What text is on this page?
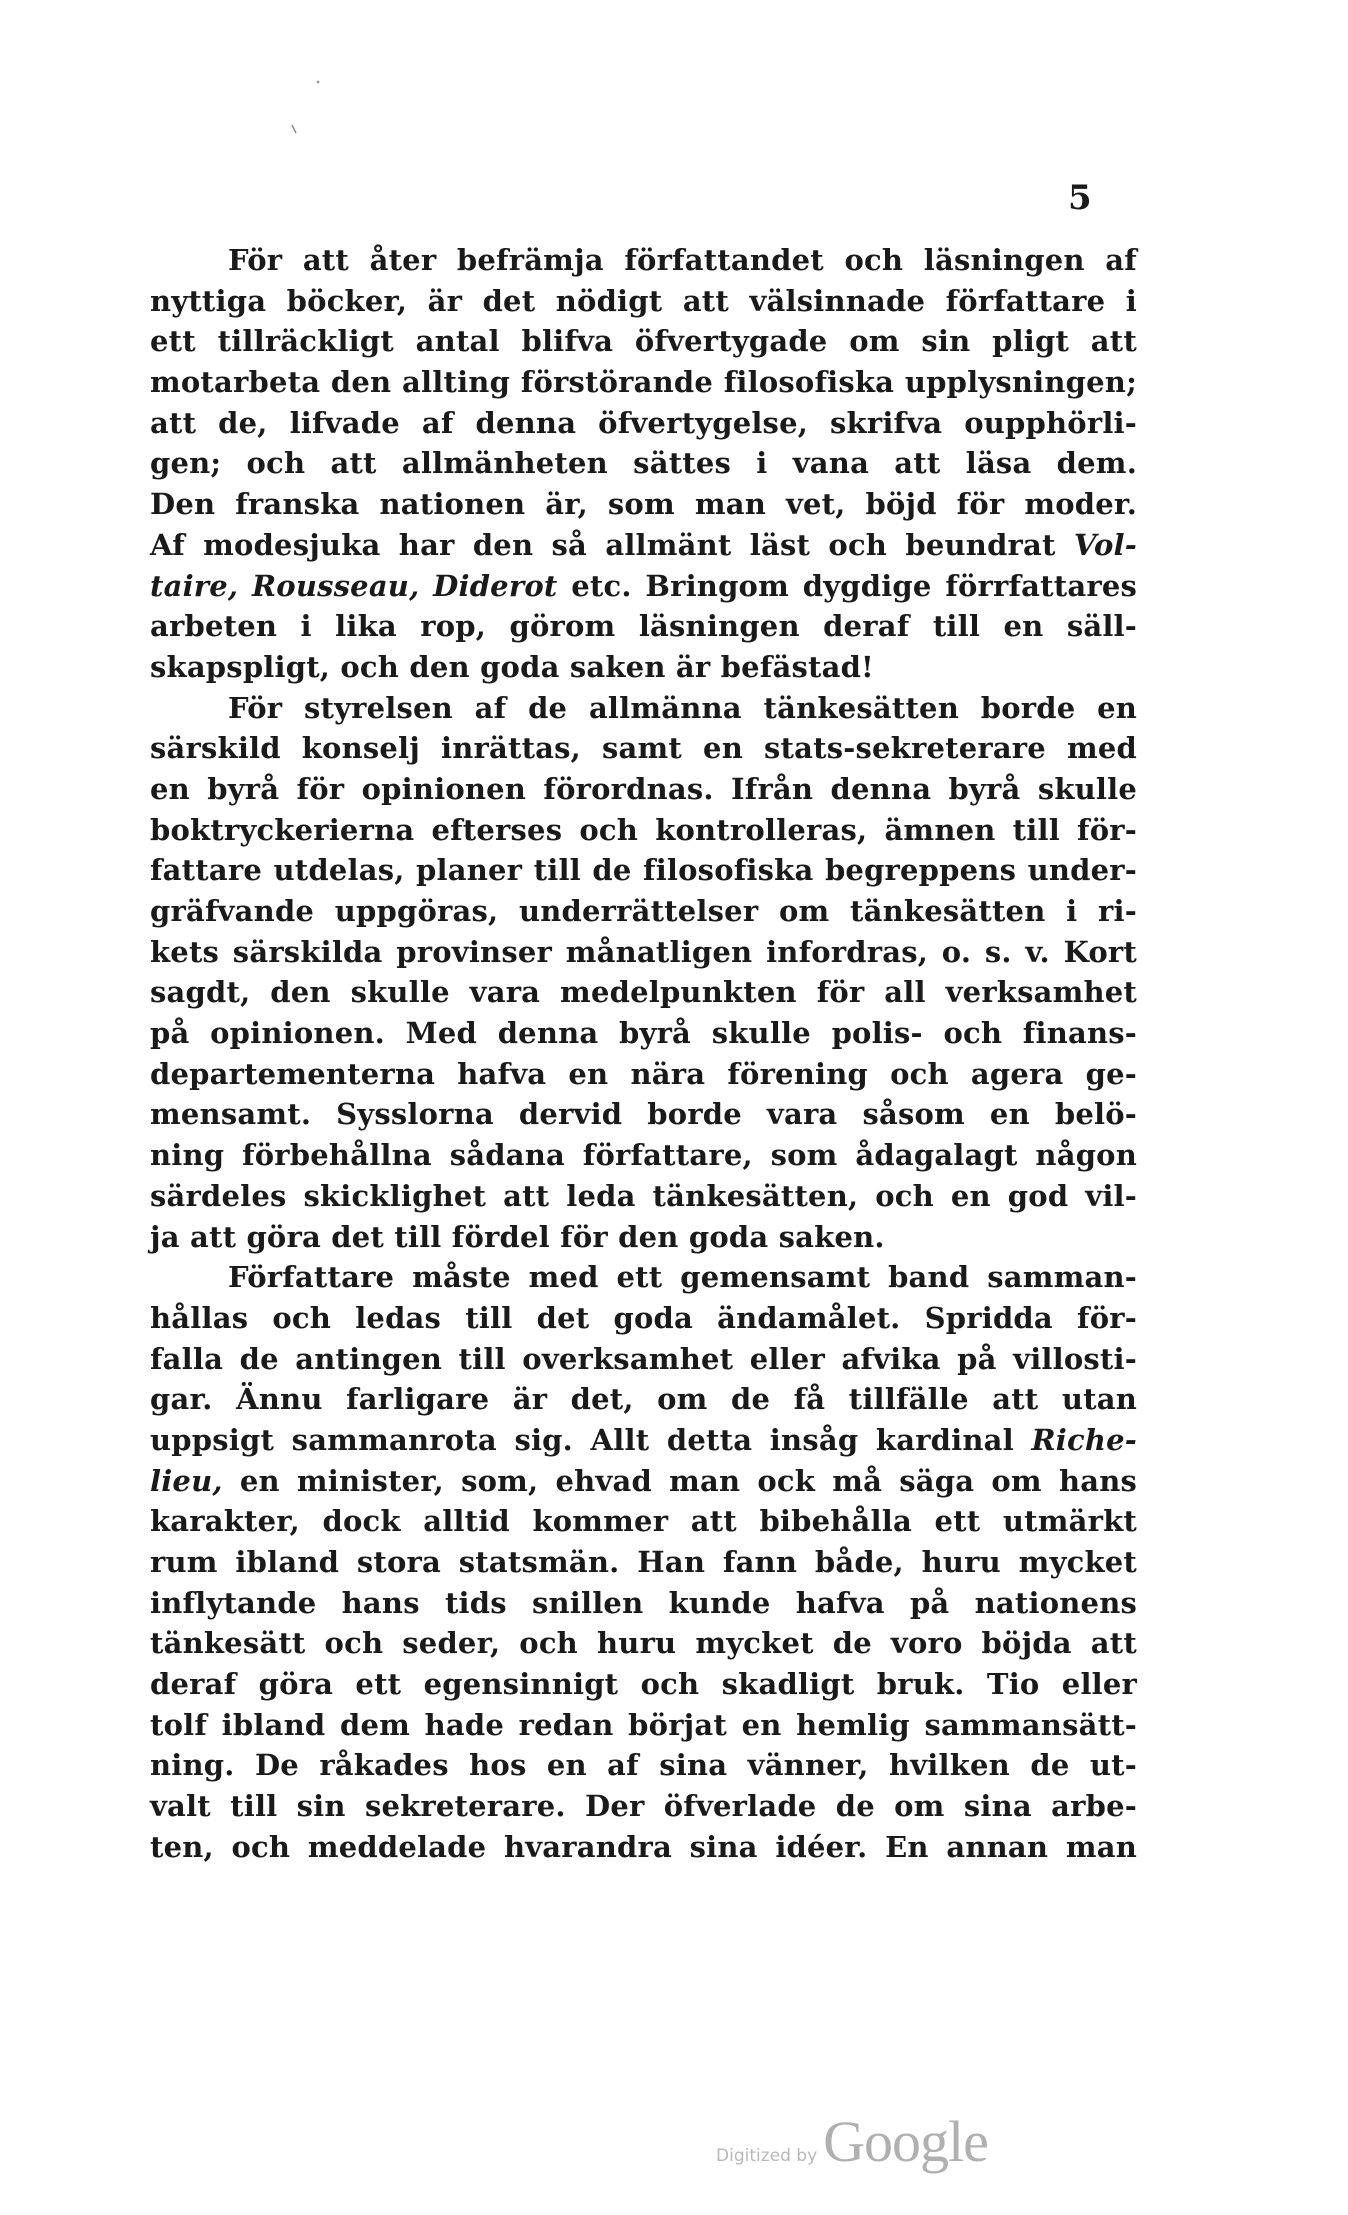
5
För att åter befrämja författandet och läsningen af
nyttiga böcker, är det nödigt att välsinnade författare i
ett tillräckligt antal blifva öfvertygade om sin pligt att
motarbeta den allting förstörande filosofiska upplysningen;
att de, lifvade af denna öfvertygelse, skrifva oupphörli-
gen; och att allmänheten sättes i vana att läsa dem.
Den franska nationen är, som man vet, böjd för moder.
Af modesjuka har den så allmänt läst och beundrat Vol-
taire, Rousseau, Diderot etc. Bringom dygdige förrfattares
arbeten i lika rop, görom läsningen deraf till en säll-
skapspligt, och den goda saken är befästad!
För styrelsen af de allmänna tänkesätten borde en
särskild konselj inrättas, samt en stats-sekreterare med
en byrå för opinionen förordnas. Ifrån denna byrå skulle
boktryckerierna efterses och kontrolleras, ämnen till för-
fattare utdelas, planer till de filosofiska begreppens under-
gräfvande uppgöras, underrättelser om tänkesätten i ri-
kets särskilda provinser månatligen infordras, o. s. v. Kort
sagdt, den skulle vara medelpunkten för all verksamhet
på opinionen. Med denna byrå skulle polis- och finans-
departementerna hafva en nära förening och agera ge-
mensamt. Sysslorna dervid borde vara såsom en belö-
ning förbehållna sådana författare, som ådagalagt någon
särdeles skicklighet att leda tänkesätten, och en god vil-
ja att göra det till fördel för den goda saken.
Författare måste med ett gemensamt band samman-
hållas och ledas till det goda ändamålet. Spridda för-
falla de antingen till overksamhet eller afvika på villosti-
gar. Ännu farligare är det, om de få tillfälle att utan
uppsigt sammanrota sig. Allt detta insåg kardinal Riche-
lieu, en minister, som, ehvad man ock må säga om hans
karakter, dock alltid kommer att bibehålla ett utmärkt
rum ibland stora statsmän. Han fann både, huru mycket
inflytande hans tids snillen kunde hafva på nationens
tänkesätt och seder, och huru mycket de voro böjda att
deraf göra ett egensinnigt och skadligt bruk. Tio eller
tolf ibland dem hade redan börjat en hemlig sammansätt-
ning. De råkades hos en af sina vänner, hvilken de ut-
valt till sin sekreterare. Der öfverlade de om sina arbe-
ten, och meddelade hvarandra sina idéer. En annan man
Digitized by Google
